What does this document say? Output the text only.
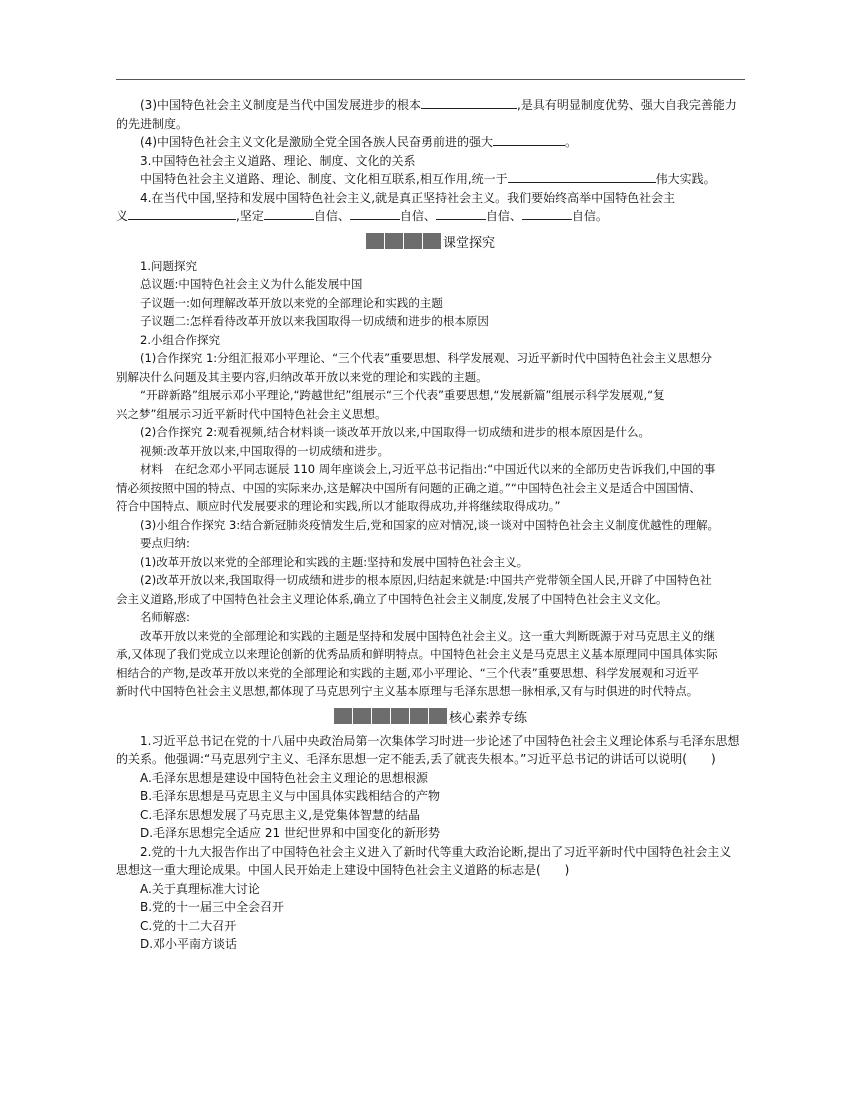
(3)中国特色社会主义制度是当代中国发展进步的根本	,是具有明显制度优势、强大自我完善能力

的先进制度。

(4)中国特色社会主义文化是激励全党全国各族人民奋勇前进的强大	。

3.中国特色社会主义道路、理论、制度、文化的关系

中国特色社会主义道路、理论、制度、文化相互联系,相互作用,统一于	伟大实践。

4.在当代中国,坚持和发展中国特色社会主义,就是真正坚持社会主义。我们要始终高举中国特色社会主

义	,坚定	自信、	自信、	自信、	自信。

课堂探究

1.问题探究

总议题:中国特色社会主义为什么能发展中国

子议题一:如何理解改革开放以来党的全部理论和实践的主题

子议题二:怎样看待改革开放以来我国取得一切成绩和进步的根本原因

2.小组合作探究

(1)合作探究 1:分组汇报邓小平理论、“三个代表”重要思想、科学发展观、习近平新时代中国特色社会主义思想分

别解决什么问题及其主要内容,归纳改革开放以来党的理论和实践的主题。

“开辟新路”组展示邓小平理论,“跨越世纪”组展示“三个代表”重要思想,“发展新篇”组展示科学发展观,“复

兴之梦”组展示习近平新时代中国特色社会主义思想。

(2)合作探究 2:观看视频,结合材料谈一谈改革开放以来,中国取得一切成绩和进步的根本原因是什么。

视频:改革开放以来,中国取得的一切成绩和进步。

材料　在纪念邓小平同志诞辰 110 周年座谈会上,习近平总书记指出:“中国近代以来的全部历史告诉我们,中国的事

情必须按照中国的特点、中国的实际来办,这是解决中国所有问题的正确之道。”“中国特色社会主义是适合中国国情、

符合中国特点、顺应时代发展要求的理论和实践,所以才能取得成功,并将继续取得成功。”

(3)小组合作探究 3:结合新冠肺炎疫情发生后,党和国家的应对情况,谈一谈对中国特色社会主义制度优越性的理解。

要点归纳:

(1)改革开放以来党的全部理论和实践的主题:坚持和发展中国特色社会主义。

(2)改革开放以来,我国取得一切成绩和进步的根本原因,归结起来就是:中国共产党带领全国人民,开辟了中国特色社

会主义道路,形成了中国特色社会主义理论体系,确立了中国特色社会主义制度,发展了中国特色社会主义文化。

名师解惑:

改革开放以来党的全部理论和实践的主题是坚持和发展中国特色社会主义。这一重大判断既源于对马克思主义的继

承,又体现了我们党成立以来理论创新的优秀品质和鲜明特点。中国特色社会主义是马克思主义基本原理同中国具体实际

相结合的产物,是改革开放以来党的全部理论和实践的主题,邓小平理论、“三个代表”重要思想、科学发展观和习近平

新时代中国特色社会主义思想,都体现了马克思列宁主义基本原理与毛泽东思想一脉相承,又有与时俱进的时代特点。

核心素养专练

1.习近平总书记在党的十八届中央政治局第一次集体学习时进一步论述了中国特色社会主义理论体系与毛泽东思想

的关系。他强调:“马克思列宁主义、毛泽东思想一定不能丢,丢了就丧失根本。”习近平总书记的讲话可以说明(　　)

A.毛泽东思想是建设中国特色社会主义理论的思想根源

B.毛泽东思想是马克思主义与中国具体实践相结合的产物

C.毛泽东思想发展了马克思主义,是党集体智慧的结晶

D.毛泽东思想完全适应 21 世纪世界和中国变化的新形势

2.党的十九大报告作出了中国特色社会主义进入了新时代等重大政治论断,提出了习近平新时代中国特色社会主义

思想这一重大理论成果。中国人民开始走上建设中国特色社会主义道路的标志是(　　)

A.关于真理标准大讨论

B.党的十一届三中全会召开

C.党的十二大召开

D.邓小平南方谈话
